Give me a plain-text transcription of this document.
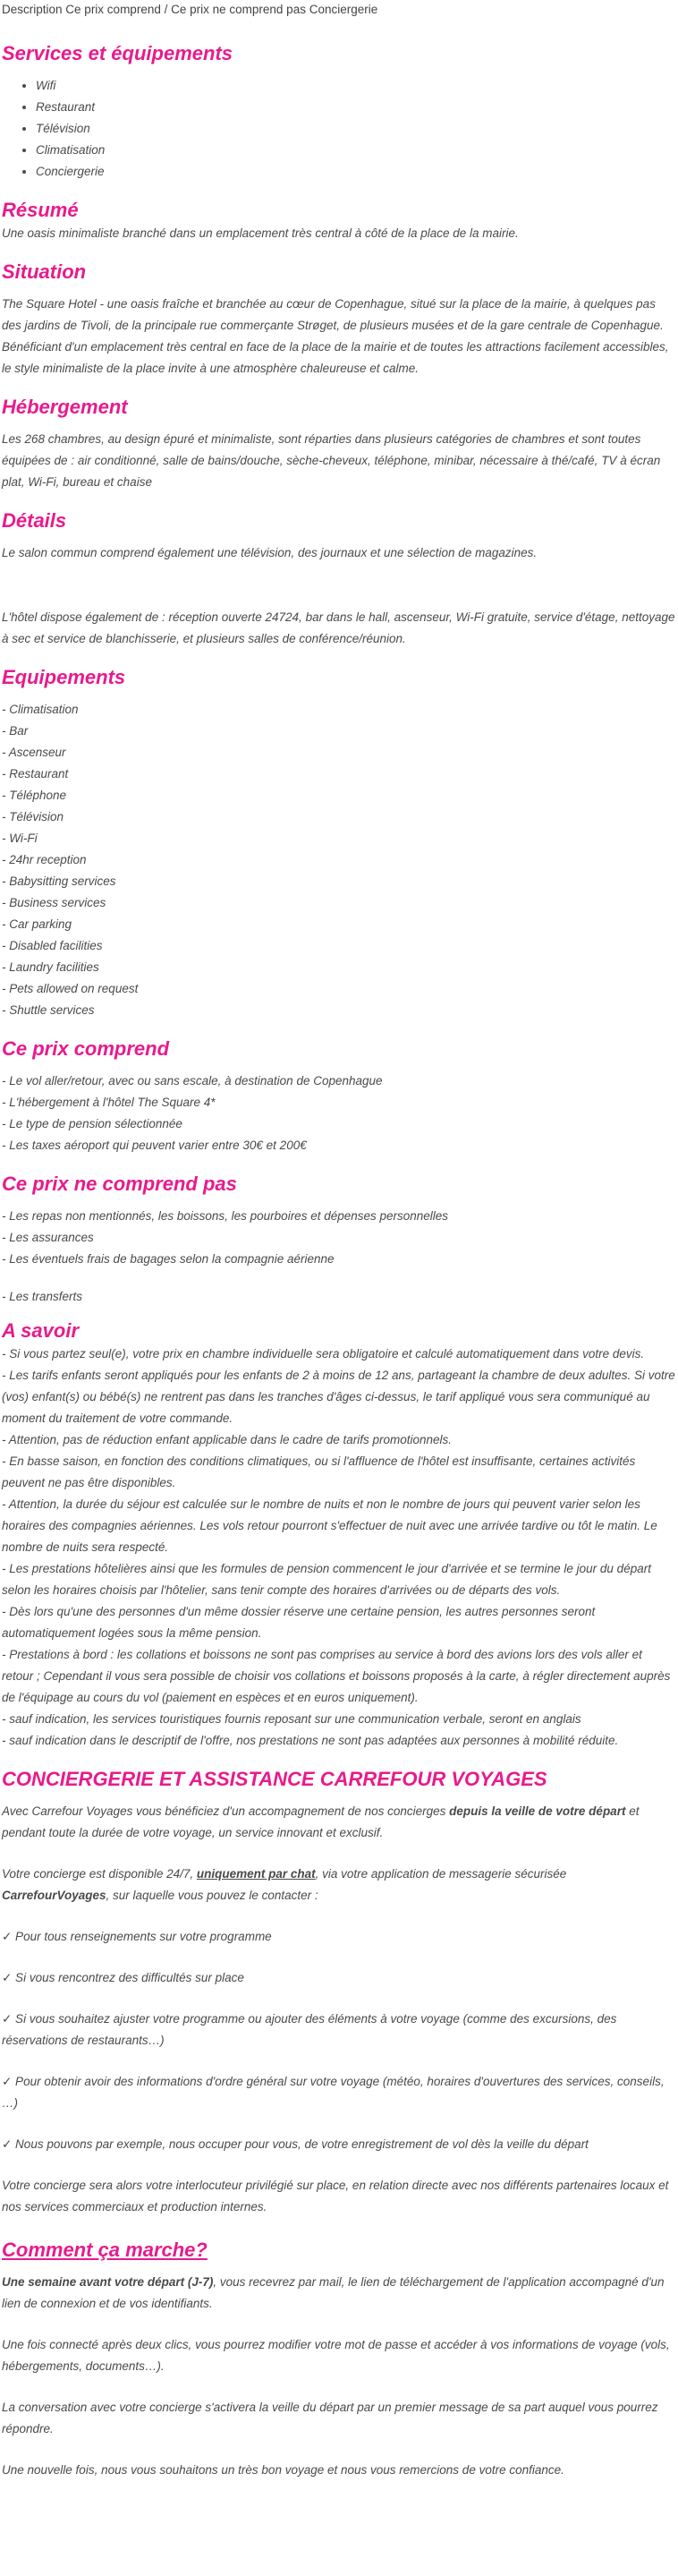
Description Ce prix comprend / Ce prix ne comprend pas Conciergerie
Services et équipements
• Wifi
• Restaurant
• Télévision
• Climatisation
• Conciergerie
Résumé

Une oasis minimaliste branché dans un emplacement très central à côté de la place de la mairie.

Situation

The Square Hotel - une oasis fraîche et branchée au cœur de Copenhague, situé sur la place de la mairie, à quelques pas des jardins de Tivoli, de la principale rue commerçante Strøget, de plusieurs musées et de la gare centrale de Copenhague. Bénéficiant d'un emplacement très central en face de la place de la mairie et de toutes les attractions facilement accessibles, le style minimaliste de la place invite à une atmosphère chaleureuse et calme.

Hébergement

Les 268 chambres, au design épuré et minimaliste, sont réparties dans plusieurs catégories de chambres et sont toutes équipées de : air conditionné, salle de bains/douche, sèche-cheveux, téléphone, minibar, nécessaire à thé/café, TV à écran plat, Wi-Fi, bureau et chaise

Détails

Le salon commun comprend également une télévision, des journaux et une sélection de magazines.

L'hôtel dispose également de : réception ouverte 24724, bar dans le hall, ascenseur, Wi-Fi gratuite, service d'étage, nettoyage à sec et service de blanchisserie, et plusieurs salles de conférence/réunion.

Equipements
- Climatisation
- Bar
- Ascenseur
- Restaurant
- Téléphone
- Télévision
- Wi-Fi
- 24hr reception
- Babysitting services
- Business services
- Car parking
- Disabled facilities
- Laundry facilities
- Pets allowed on request
- Shuttle services
Ce prix comprend
- Le vol aller/retour, avec ou sans escale, à destination de Copenhague
- L'hébergement à l'hôtel The Square 4*
- Le type de pension sélectionnée
- Les taxes aéroport qui peuvent varier entre 30€ et 200€
Ce prix ne comprend pas
- Les repas non mentionnés, les boissons, les pourboires et dépenses personnelles
- Les assurances
- Les éventuels frais de bagages selon la compagnie aérienne
- Les transferts
A savoir
- Si vous partez seul(e), votre prix en chambre individuelle sera obligatoire et calculé automatiquement dans votre devis.
- Les tarifs enfants seront appliqués pour les enfants de 2 à moins de 12 ans, partageant la chambre de deux adultes. Si votre (vos) enfant(s) ou bébé(s) ne rentrent pas dans les tranches d'âges ci-dessus, le tarif appliqué vous sera communiqué au moment du traitement de votre commande.
- Attention, pas de réduction enfant applicable dans le cadre de tarifs promotionnels.
- En basse saison, en fonction des conditions climatiques, ou si l'affluence de l'hôtel est insuffisante, certaines activités peuvent ne pas être disponibles.
- Attention, la durée du séjour est calculée sur le nombre de nuits et non le nombre de jours qui peuvent varier selon les horaires des compagnies aériennes. Les vols retour pourront s'effectuer de nuit avec une arrivée tardive ou tôt le matin. Le nombre de nuits sera respecté.
- Les prestations hôtelières ainsi que les formules de pension commencent le jour d'arrivée et se termine le jour du départ selon les horaires choisis par l'hôtelier, sans tenir compte des horaires d'arrivées ou de départs des vols.
- Dès lors qu'une des personnes d'un même dossier réserve une certaine pension, les autres personnes seront automatiquement logées sous la même pension.
- Prestations à bord : les collations et boissons ne sont pas comprises au service à bord des avions lors des vols aller et retour ; Cependant il vous sera possible de choisir vos collations et boissons proposés à la carte, à régler directement auprès de l'équipage au cours du vol (paiement en espèces et en euros uniquement).
- sauf indication, les services touristiques fournis reposant sur une communication verbale, seront en anglais
- sauf indication dans le descriptif de l'offre, nos prestations ne sont pas adaptées aux personnes à mobilité réduite.
CONCIERGERIE ET ASSISTANCE CARREFOUR VOYAGES

Avec Carrefour Voyages vous bénéficiez d'un accompagnement de nos concierges depuis la veille de votre départ et pendant toute la durée de votre voyage, un service innovant et exclusif.

Votre concierge est disponible 24/7, uniquement par chat, via votre application de messagerie sécurisée CarrefourVoyages, sur laquelle vous pouvez le contacter :

✓ Pour tous renseignements sur votre programme
✓ Si vous rencontrez des difficultés sur place
✓ Si vous souhaitez ajuster votre programme ou ajouter des éléments à votre voyage (comme des excursions, des réservations de restaurants…)
✓ Pour obtenir avoir des informations d'ordre général sur votre voyage (météo, horaires d'ouvertures des services, conseils, …)
✓ Nous pouvons par exemple, nous occuper pour vous, de votre enregistrement de vol dès la veille du départ

Votre concierge sera alors votre interlocuteur privilégié sur place, en relation directe avec nos différents partenaires locaux et nos services commerciaux et production internes.

Comment ça marche?

Une semaine avant votre départ (J-7), vous recevrez par mail, le lien de téléchargement de l'application accompagné d'un lien de connexion et de vos identifiants.

Une fois connecté après deux clics, vous pourrez modifier votre mot de passe et accéder à vos informations de voyage (vols, hébergements, documents…).

La conversation avec votre concierge s'activera la veille du départ par un premier message de sa part auquel vous pourrez répondre.

Une nouvelle fois, nous vous souhaitons un très bon voyage et nous vous remercions de votre confiance.
